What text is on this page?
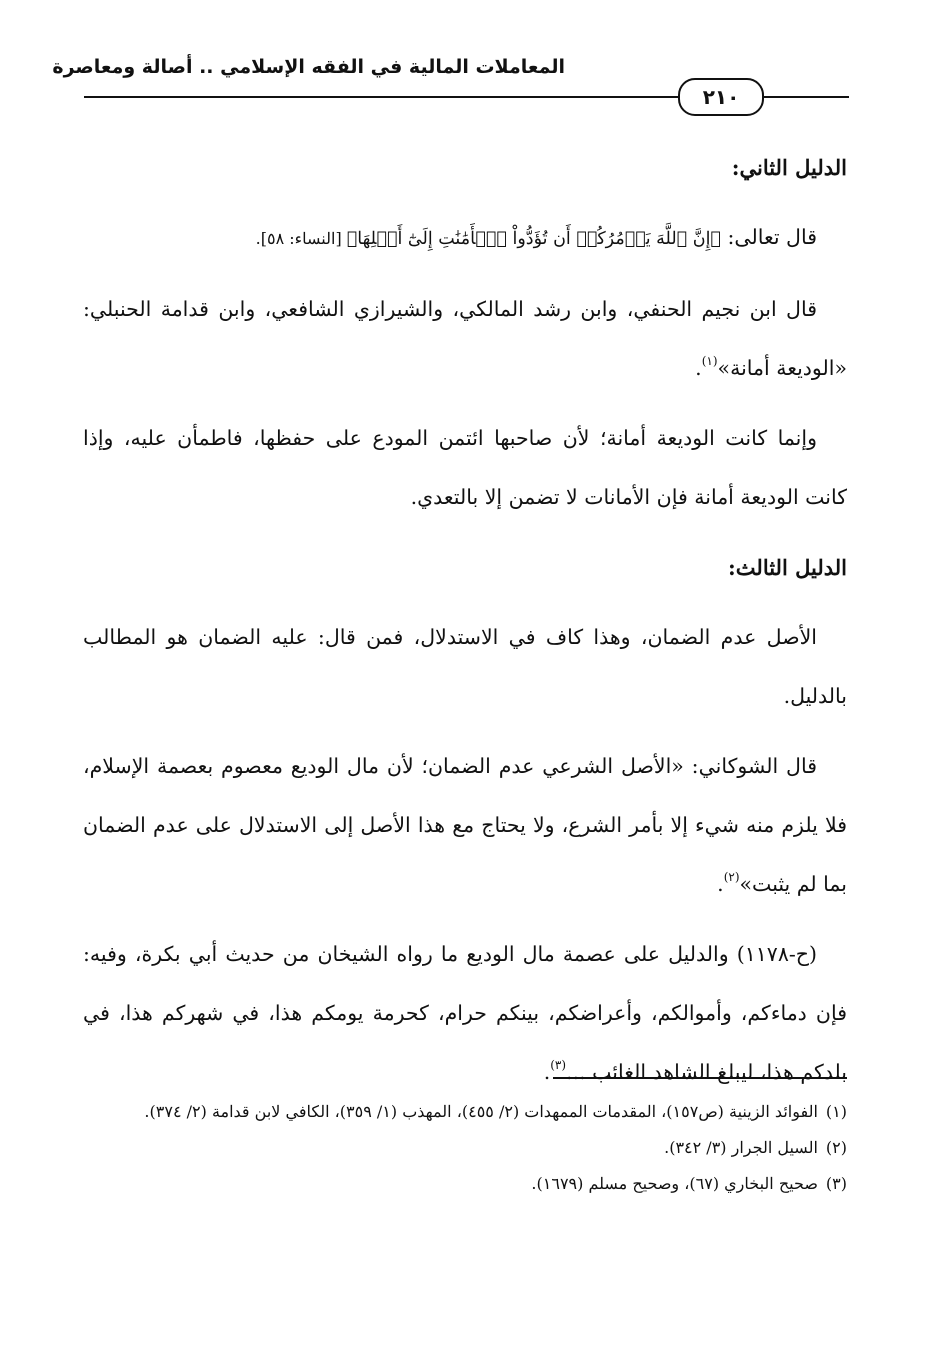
المعاملات المالية في الفقه الإسلامي .. أصالة ومعاصرة
٢١٠
الدليل الثاني:

قال تعالى: ﴿إِنَّ ٱللَّهَ يَأۡمُرُكُمۡ أَن تُؤَدُّواْ ٱلۡأَمَٰنَٰتِ إِلَىٰٓ أَهۡلِهَا﴾ [النساء: ٥٨].

قال ابن نجيم الحنفي، وابن رشد المالكي، والشيرازي الشافعي، وابن قدامة الحنبلي: «الوديعة أمانة»$^{(١)}$.

وإنما كانت الوديعة أمانة؛ لأن صاحبها ائتمن المودع على حفظها، فاطمأن عليه، وإذا كانت الوديعة أمانة فإن الأمانات لا تضمن إلا بالتعدي.

الدليل الثالث:

الأصل عدم الضمان، وهذا كاف في الاستدلال، فمن قال: عليه الضمان هو المطالب بالدليل.

قال الشوكاني: «الأصل الشرعي عدم الضمان؛ لأن مال الوديع معصوم بعصمة الإسلام، فلا يلزم منه شيء إلا بأمر الشرع، ولا يحتاج مع هذا الأصل إلى الاستدلال على عدم الضمان بما لم يثبت»$^{(٢)}$.

(ح-١١٧٨) والدليل على عصمة مال الوديع ما رواه الشيخان من حديث أبي بكرة، وفيه: فإن دماءكم، وأموالكم، وأعراضكم، بينكم حرام، كحرمة يومكم هذا، في شهركم هذا، في بلدكم هذا، ليبلغ الشاهد الغائب ...$^{(٣)}$.

(١)الفوائد الزينية (ص١٥٧)، المقدمات الممهدات (٢/ ٤٥٥)، المهذب (١/ ٣٥٩)، الكافي لابن قدامة (٢/ ٣٧٤).

(٢)السيل الجرار (٣/ ٣٤٢).

(٣)صحيح البخاري (٦٧)، وصحيح مسلم (١٦٧٩).
